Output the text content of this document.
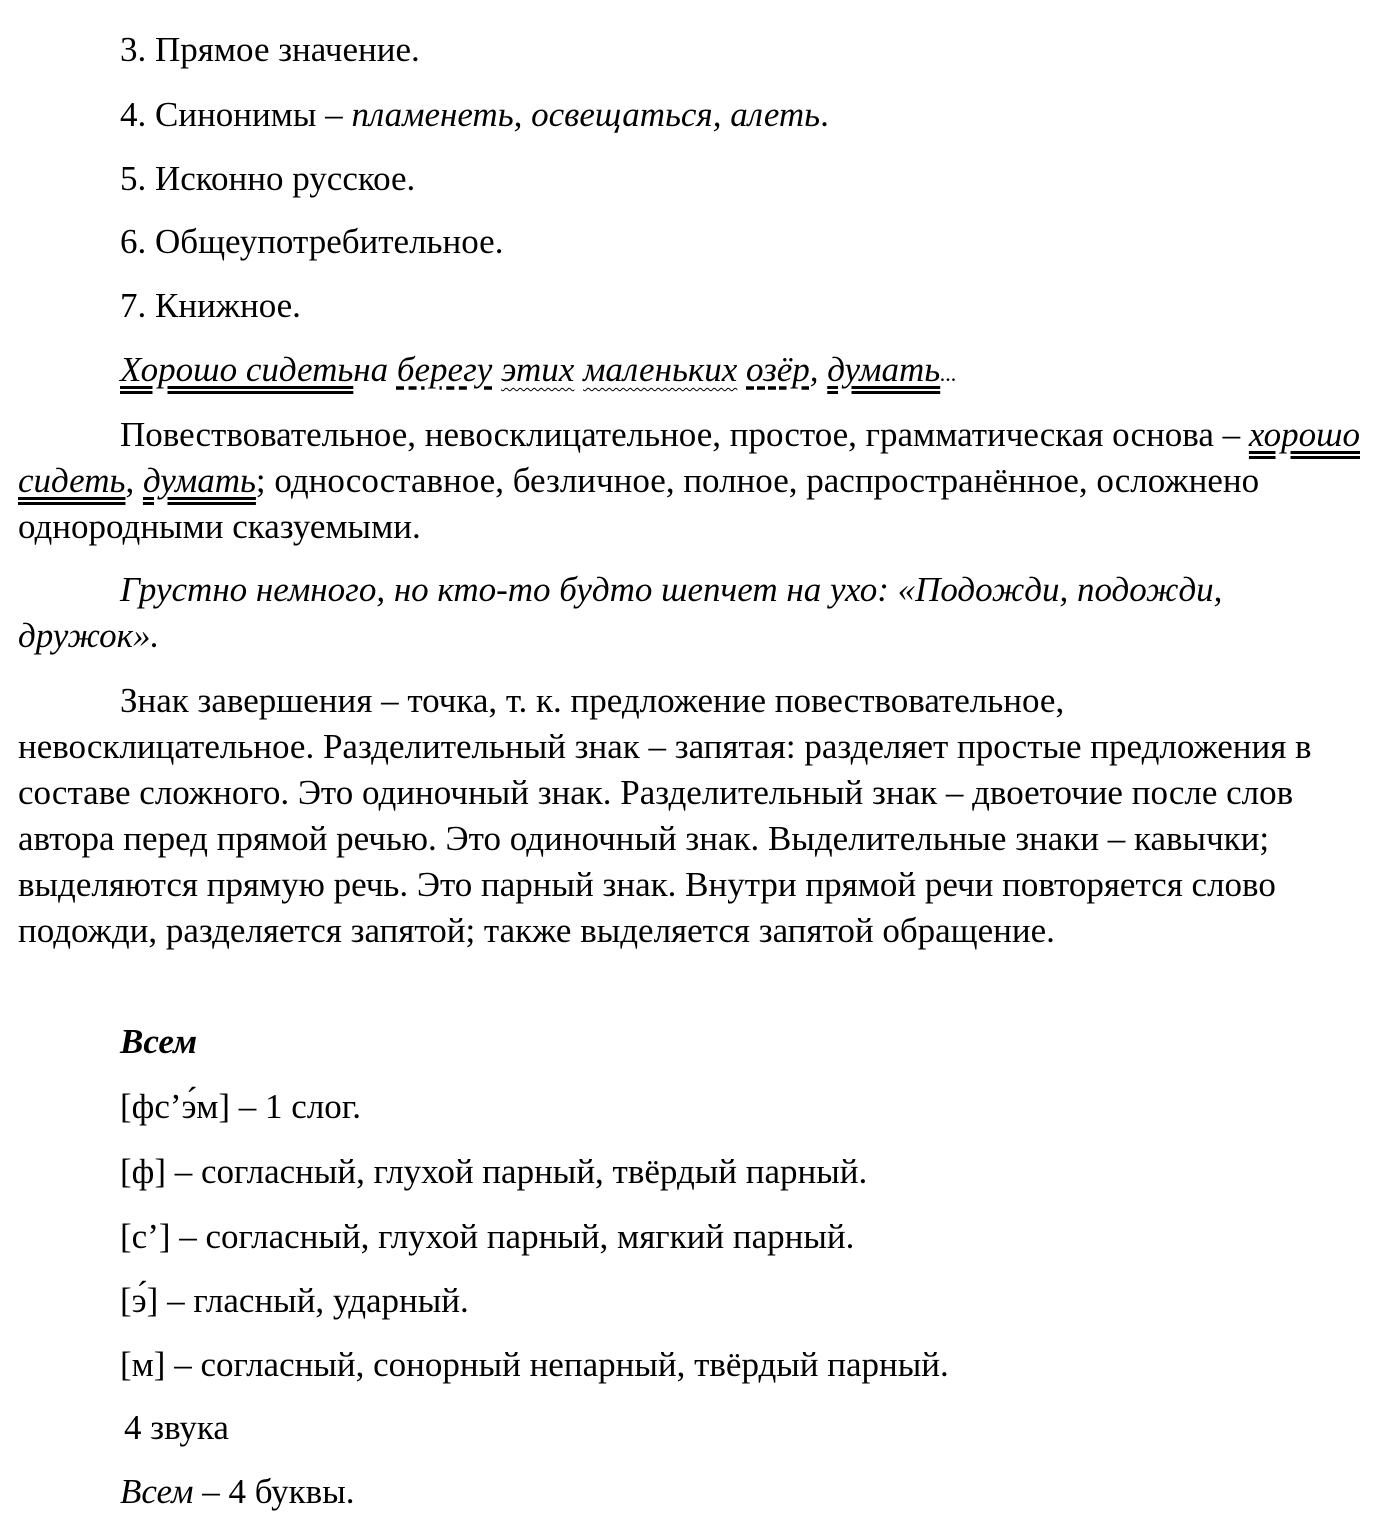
3. Прямое значение.
4. Синонимы – пламенеть, освещаться, алеть.
5. Исконно русское.
6. Общеупотребительное.
7. Книжное.
Хорошо сидетьна берегу этих маленьких озёр, думать...
Повествовательное, невосклицательное, простое, грамматическая основа – хорошо сидеть, думать; односоставное, безличное, полное, распространённое, осложнено однородными сказуемыми.
Грустно немного, но кто-то будто шепчет на ухо: «Подожди, подожди, дружок».
Знак завершения – точка, т. к. предложение повествовательное, невосклицательное. Разделительный знак – запятая: разделяет простые предложения в составе сложного. Это одиночный знак. Разделительный знак – двоеточие после слов автора перед прямой речью. Это одиночный знак. Выделительные знаки – кавычки; выделяются прямую речь. Это парный знак. Внутри прямой речи повторяется слово подожди, разделяется запятой; также выделяется запятой обращение.
Всем
[фс’э́м] – 1 слог.
[ф] – согласный, глухой парный, твёрдый парный.
[с’] – согласный, глухой парный, мягкий парный.
[э́] – гласный, ударный.
[м] – согласный, сонорный непарный, твёрдый парный.
4 звука
Всем – 4 буквы.
